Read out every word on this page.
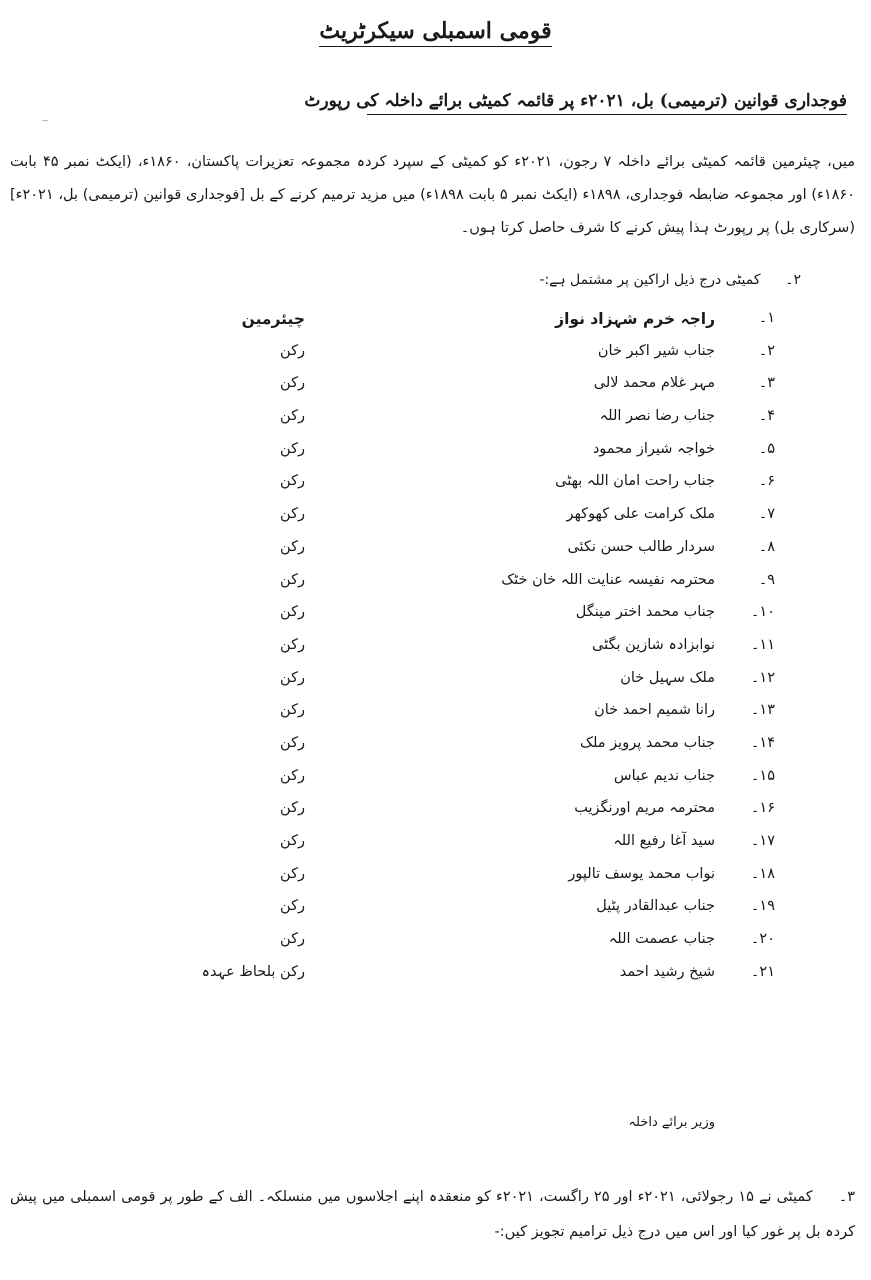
قومی اسمبلی سیکرٹریٹ
فوجداری قوانین (ترمیمی) بل، ۲۰۲۱ء پر قائمہ کمیٹی برائے داخلہ کی رپورٹ
میں، چیئرمین قائمہ کمیٹی برائے داخلہ ۷ رجون، ۲۰۲۱ء کو کمیٹی کے سپرد کردہ مجموعہ تعزیرات پاکستان، ۱۸۶۰ء، (ایکٹ نمبر ۴۵ بابت ۱۸۶۰ء) اور مجموعہ ضابطہ فوجداری، ۱۸۹۸ء (ایکٹ نمبر ۵ بابت ۱۸۹۸ء) میں مزید ترمیم کرنے کے بل [فوجداری قوانین (ترمیمی) بل، ۲۰۲۱ء] (سرکاری بل) پر رپورٹ ہذا پیش کرنے کا شرف حاصل کرتا ہوں۔
۲۔ کمیٹی درج ذیل اراکین پر مشتمل ہے:-
۱۔
راجہ خرم شہزاد نواز
چیئرمین
۲۔
جناب شیر اکبر خان
رکن
۳۔
مہر غلام محمد لالی
رکن
۴۔
جناب رضا نصر اللہ
رکن
۵۔
خواجہ شیراز محمود
رکن
۶۔
جناب راحت امان اللہ بھٹی
رکن
۷۔
ملک کرامت علی کھوکھر
رکن
۸۔
سردار طالب حسن نکئی
رکن
۹۔
محترمہ نفیسہ عنایت اللہ خان خٹک
رکن
۱۰۔
جناب محمد اختر مینگل
رکن
۱۱۔
نوابزادہ شازین بگٹی
رکن
۱۲۔
ملک سہیل خان
رکن
۱۳۔
رانا شمیم احمد خان
رکن
۱۴۔
جناب محمد پرویز ملک
رکن
۱۵۔
جناب ندیم عباس
رکن
۱۶۔
محترمہ مریم اورنگزیب
رکن
۱۷۔
سید آغا رفیع اللہ
رکن
۱۸۔
نواب محمد یوسف تالپور
رکن
۱۹۔
جناب عبدالقادر پٹیل
رکن
۲۰۔
جناب عصمت اللہ
رکن
۲۱۔
شیخ رشید احمد
رکن بلحاظ عہدہ
وزیر برائے داخلہ
۳۔کمیٹی نے ۱۵ رجولائی، ۲۰۲۱ء اور ۲۵ راگست، ۲۰۲۱ء کو منعقدہ اپنے اجلاسوں میں منسلکہ۔ الف کے طور پر قومی اسمبلی میں پیش کردہ بل پر غور کیا اور اس میں درج ذیل ترامیم تجویز کیں:-
